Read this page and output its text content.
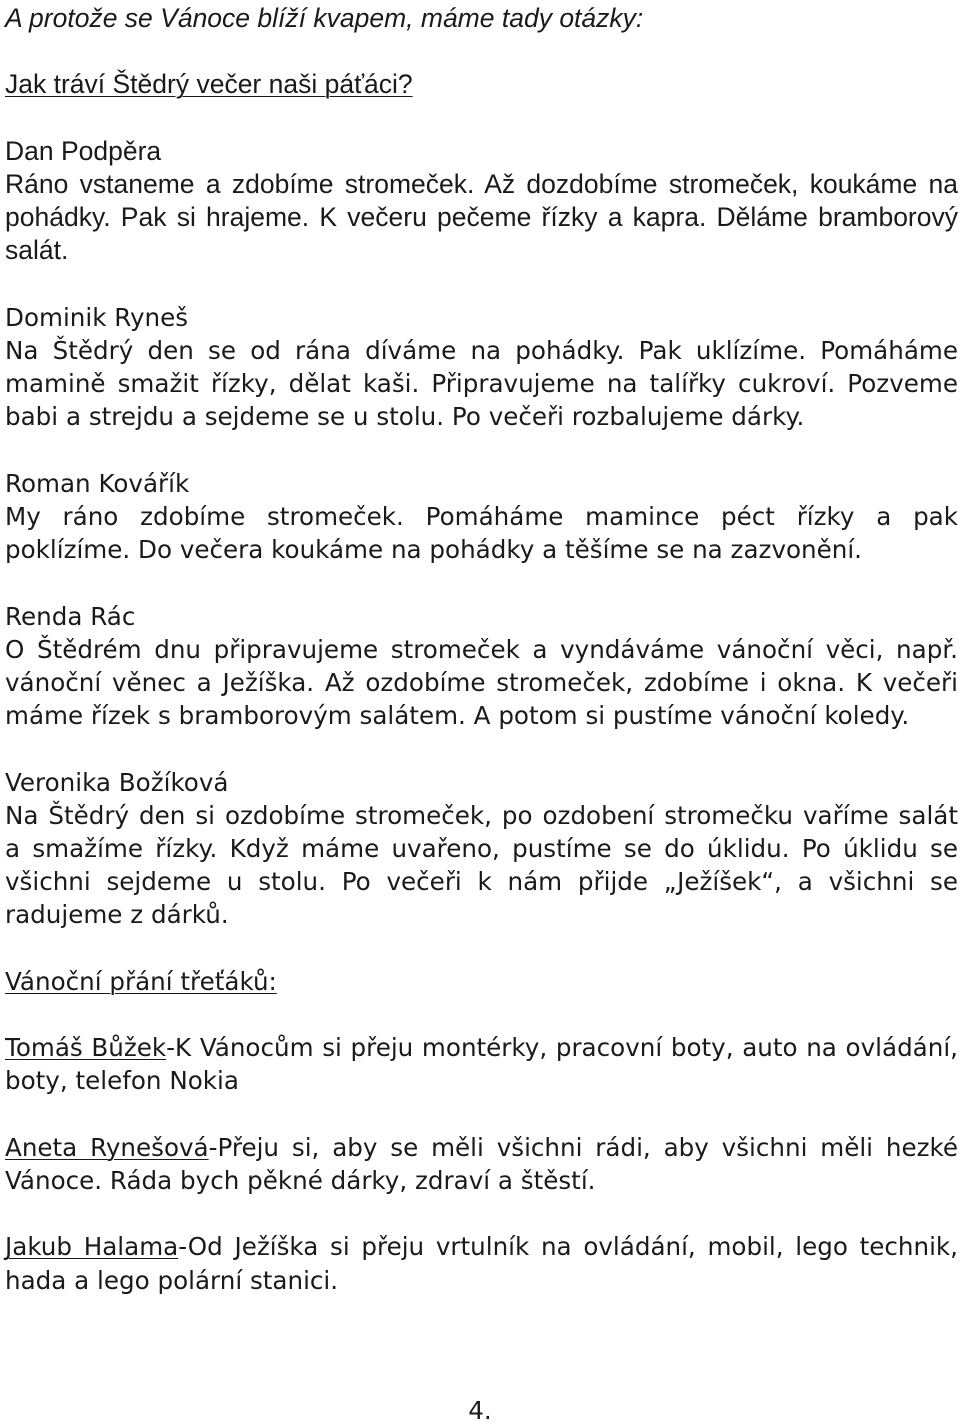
A protože se Vánoce blíží kvapem, máme tady otázky:

Jak tráví Štědrý večer naši páťáci?

Dan Podpěra

Ráno vstaneme a zdobíme stromeček. Až dozdobíme stromeček, koukáme na pohádky. Pak si hrajeme. K večeru pečeme řízky a kapra. Děláme bramborový salát.

Dominik Ryneš

Na Štědrý den se od rána díváme na pohádky. Pak uklízíme. Pomáháme mamině smažit řízky, dělat kaši. Připravujeme na talířky cukroví. Pozveme babi a strejdu a sejdeme se u stolu. Po večeři rozbalujeme dárky.

Roman Kovářík

My ráno zdobíme stromeček. Pomáháme mamince péct řízky a pak poklízíme. Do večera koukáme na pohádky a těšíme se na zazvonění.

Renda Rác

O Štědrém dnu připravujeme stromeček a vyndáváme vánoční věci, např. vánoční věnec a Ježíška. Až ozdobíme stromeček, zdobíme i okna. K večeři máme řízek s bramborovým salátem. A potom si pustíme vánoční koledy.

Veronika Božíková

Na Štědrý den si ozdobíme stromeček, po ozdobení stromečku vaříme salát a smažíme řízky. Když máme uvařeno, pustíme se do úklidu. Po úklidu se všichni sejdeme u stolu. Po večeři k nám přijde „Ježíšek“, a všichni se radujeme z dárků.

Vánoční přání třeťáků:

Tomáš Bůžek-K Vánocům si přeju montérky, pracovní boty, auto na ovládání, boty, telefon Nokia

Aneta Rynešová-Přeju si, aby se měli všichni rádi, aby všichni měli hezké Vánoce. Ráda bych pěkné dárky, zdraví a štěstí.

Jakub Halama-Od Ježíška si přeju vrtulník na ovládání, mobil, lego technik, hada a lego polární stanici.

4.
